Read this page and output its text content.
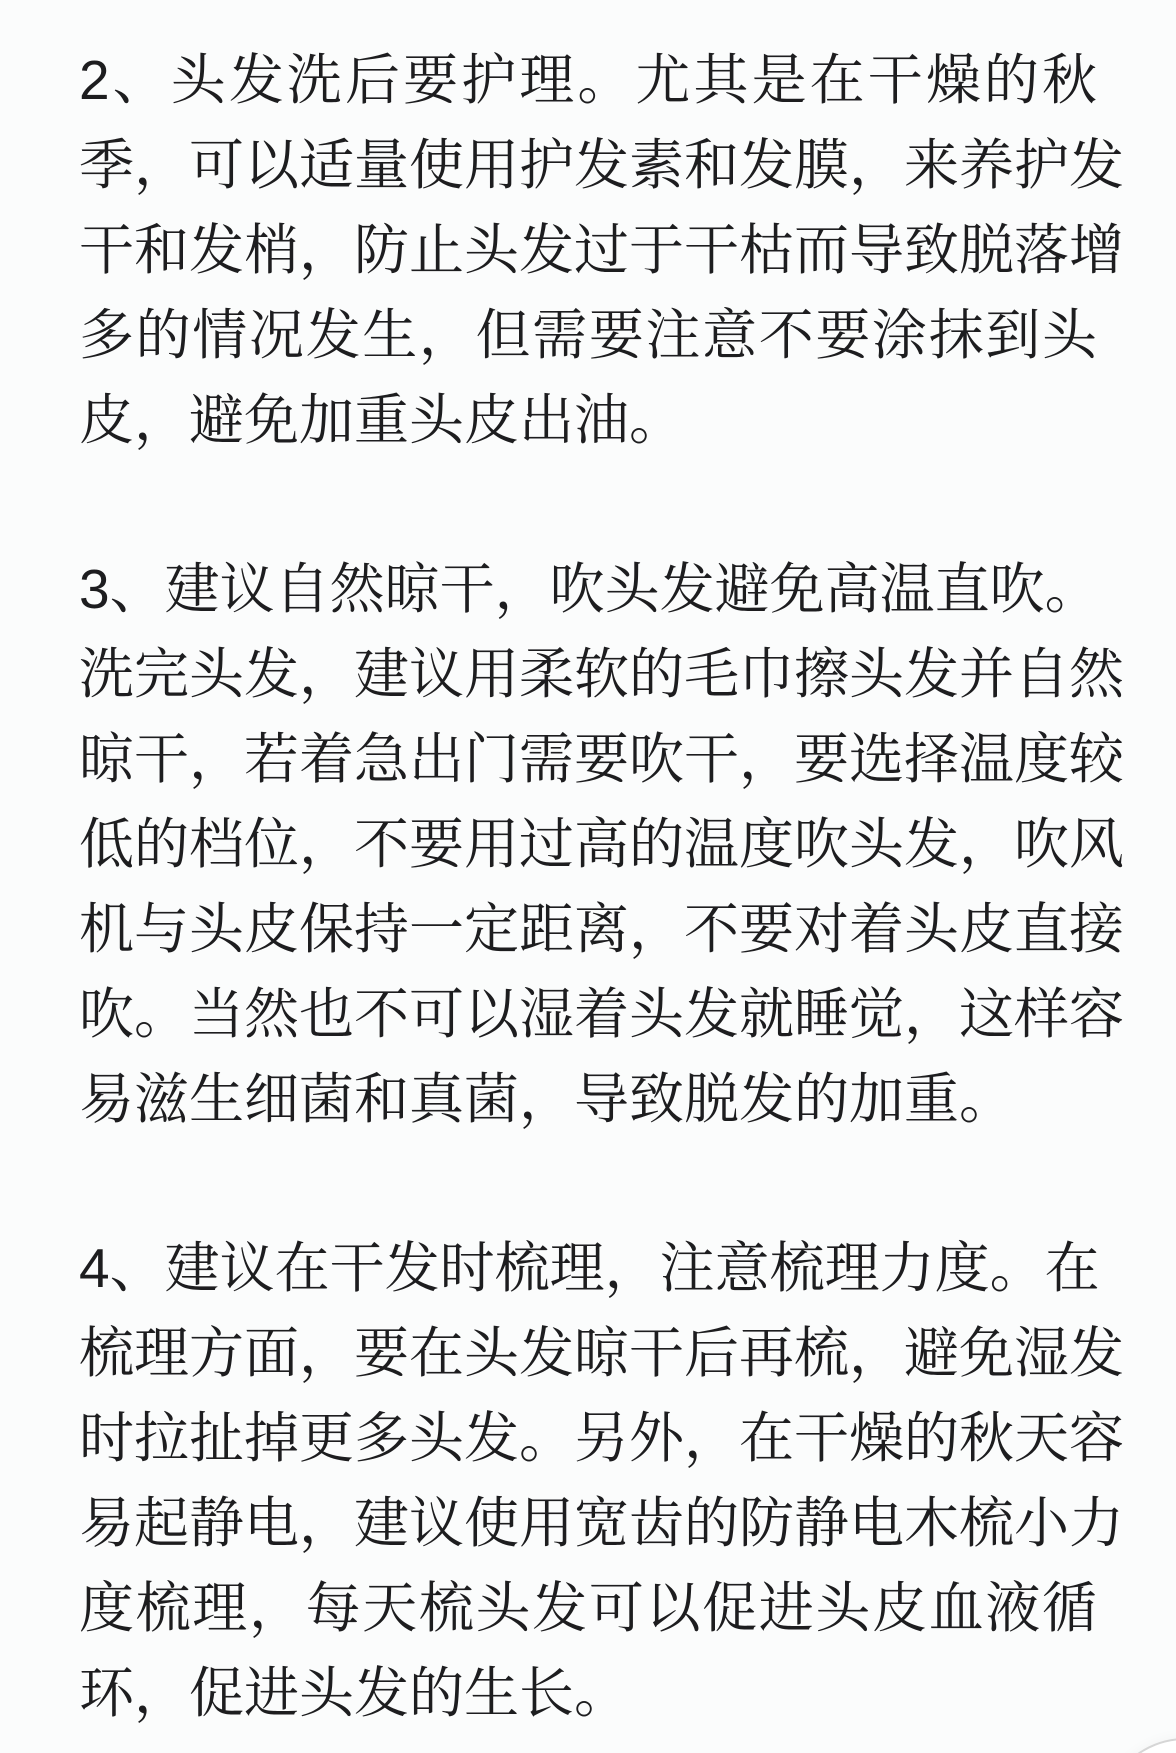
2、头发洗后要护理。尤其是在干燥的秋
季，可以适量使用护发素和发膜，来养护发
干和发梢，防止头发过于干枯而导致脱落增
多的情况发生，但需要注意不要涂抹到头
皮，避免加重头皮出油。

3、建议自然晾干，吹头发避免高温直吹。
洗完头发，建议用柔软的毛巾擦头发并自然
晾干，若着急出门需要吹干，要选择温度较
低的档位，不要用过高的温度吹头发，吹风
机与头皮保持一定距离，不要对着头皮直接
吹。当然也不可以湿着头发就睡觉，这样容
易滋生细菌和真菌，导致脱发的加重。

4、建议在干发时梳理，注意梳理力度。在
梳理方面，要在头发晾干后再梳，避免湿发
时拉扯掉更多头发。另外，在干燥的秋天容
易起静电，建议使用宽齿的防静电木梳小力
度梳理，每天梳头发可以促进头皮血液循
环，促进头发的生长。
